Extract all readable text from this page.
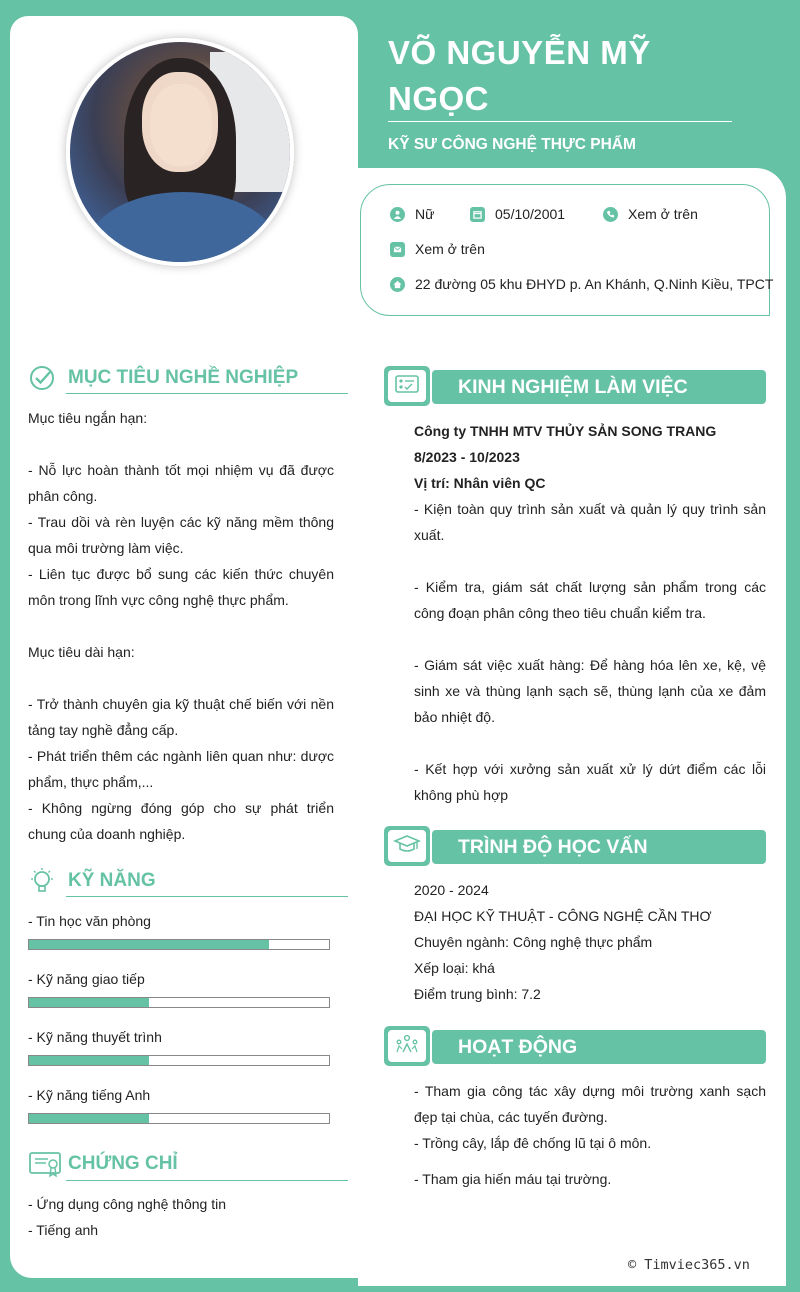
VÕ NGUYỄN MỸ
NGỌC
KỸ SƯ CÔNG NGHỆ THỰC PHẨM
Nữ	05/10/2001	Xem ở trên
Xem ở trên
22 đường 05 khu ĐHYD p. An Khánh, Q.Ninh Kiều, TPCT
MỤC TIÊU NGHỀ NGHIỆP

Mục tiêu ngắn hạn:

- Nỗ lực hoàn thành tốt mọi nhiệm vụ đã được phân công.

- Trau dồi và rèn luyện các kỹ năng mềm thông qua môi trường làm việc.

- Liên tục được bổ sung các kiến thức chuyên môn trong lĩnh vực công nghệ thực phẩm.

Mục tiêu dài hạn:

- Trở thành chuyên gia kỹ thuật chế biến với nền tảng tay nghề đẳng cấp.

- Phát triển thêm các ngành liên quan như: dược phẩm, thực phẩm,...

- Không ngừng đóng góp cho sự phát triển chung của doanh nghiệp.

KỸ NĂNG
- Tin học văn phòng
- Kỹ năng giao tiếp
- Kỹ năng thuyết trình
- Kỹ năng tiếng Anh
CHỨNG CHỈ

- Ứng dụng công nghệ thông tin

- Tiếng anh

KINH NGHIỆM LÀM VIỆC

Công ty TNHH MTV THỦY SẢN SONG TRANG

8/2023 - 10/2023

Vị trí: Nhân viên QC

- Kiện toàn quy trình sản xuất và quản lý quy trình sản xuất.

- Kiểm tra, giám sát chất lượng sản phẩm trong các công đoạn phân công theo tiêu chuẩn kiểm tra.

- Giám sát việc xuất hàng: Để hàng hóa lên xe, kệ, vệ sinh xe và thùng lạnh sạch sẽ, thùng lạnh của xe đảm bảo nhiệt độ.

- Kết hợp với xưởng sản xuất xử lý dứt điểm các lỗi không phù hợp

TRÌNH ĐỘ HỌC VẤN

2020 - 2024

ĐẠI HỌC KỸ THUẬT - CÔNG NGHỆ CẦN THƠ

Chuyên ngành: Công nghệ thực phẩm

Xếp loại: khá

Điểm trung bình: 7.2

HOẠT ĐỘNG

- Tham gia công tác xây dựng môi trường xanh sạch đẹp tại chùa, các tuyến đường.

- Trồng cây, lắp đê chống lũ tại ô môn.

- Tham gia hiến máu tại trường.

© Timviec365.vn
